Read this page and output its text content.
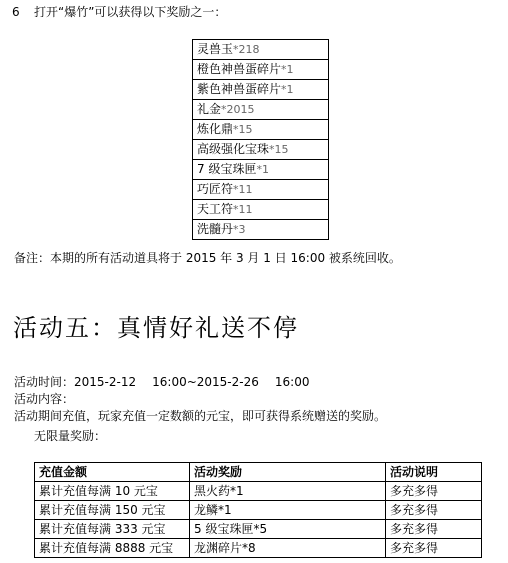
6 打开“爆竹”可以获得以下奖励之一：
灵兽玉*218
橙色神兽蛋碎片*1
紫色神兽蛋碎片*1
礼金*2015
炼化鼎*15
高级强化宝珠*15
7 级宝珠匣*1
巧匠符*11
天工符*11
洗髓丹*3
备注：本期的所有活动道具将于 2015 年 3 月 1 日 16:00 被系统回收。
活动五：真情好礼送不停
活动时间：2015-2-12 16:00~2015-2-26 16:00
活动内容：
活动期间充值，玩家充值一定数额的元宝，即可获得系统赠送的奖励。
无限量奖励：
充值金额	活动奖励	活动说明
累计充值每满 10 元宝	黑火药*1	多充多得
累计充值每满 150 元宝	龙鳞*1	多充多得
累计充值每满 333 元宝	5 级宝珠匣*5	多充多得
累计充值每满 8888 元宝	龙渊碎片*8	多充多得
